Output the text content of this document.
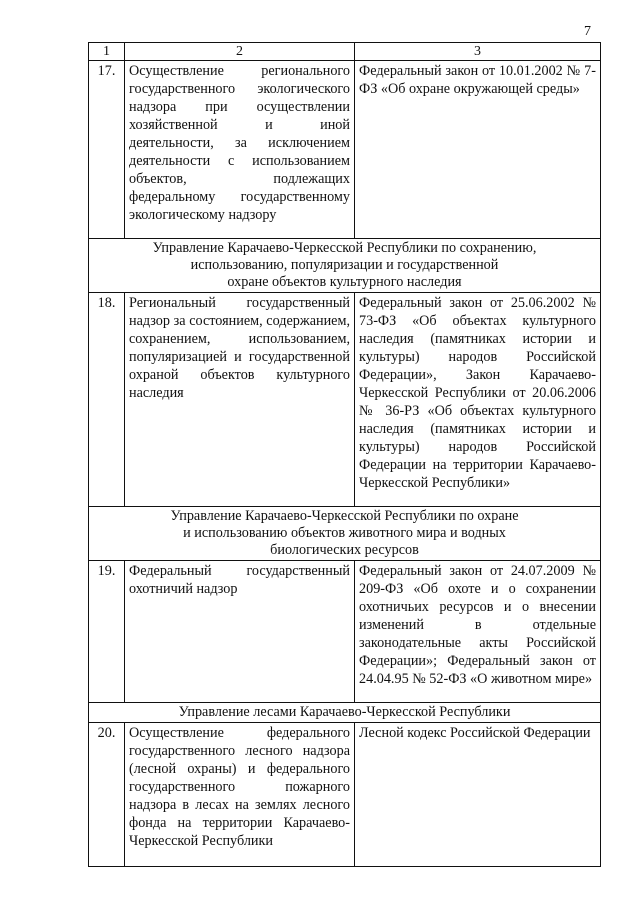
7
1	2	3
17.	Осуществление регионального государственного экологического надзора при осуществлении хозяйственной и иной деятельности, за исключением деятельности с использованием объектов, подлежащих федеральному государственному экологическому надзору	Федеральный закон от 10.01.2002 № 7-ФЗ «Об охране окружающей среды»

Управление Карачаево-Черкесской Республики по сохранению,
использованию, популяризации и государственной
охране объектов культурного наследия		

18.	Региональный государственный надзор за состоянием, содержанием, сохранением, использованием, популяризацией и государственной охраной объектов культурного наследия	Федеральный закон от 25.06.2002 № 73-ФЗ «Об объектах культурного наследия (памятниках истории и культуры) народов Российской Федерации», Закон Карачаево-Черкесской Республики от 20.06.2006 № 36-РЗ «Об объектах культурного наследия (памятниках истории и культуры) народов Российской Федерации на территории Карачаево-Черкесской Республики»

Управление Карачаево-Черкесской Республики по охране
и использованию объектов животного мира и водных
биологических ресурсов		

19.	Федеральный государственный охотничий надзор	Федеральный закон от 24.07.2009 № 209-ФЗ «Об охоте и о сохранении охотничьих ресурсов и о внесении изменений в отдельные законодательные акты Российской Федерации»; Федеральный закон от 24.04.95 № 52-ФЗ «О животном мире»

Управление лесами Карачаево-Черкесской Республики		

20.	Осуществление федерального государственного лесного надзора (лесной охраны) и федерального государственного пожарного надзора в лесах на землях лесного фонда на территории Карачаево-Черкесской Республики	Лесной кодекс Российской Федерации
